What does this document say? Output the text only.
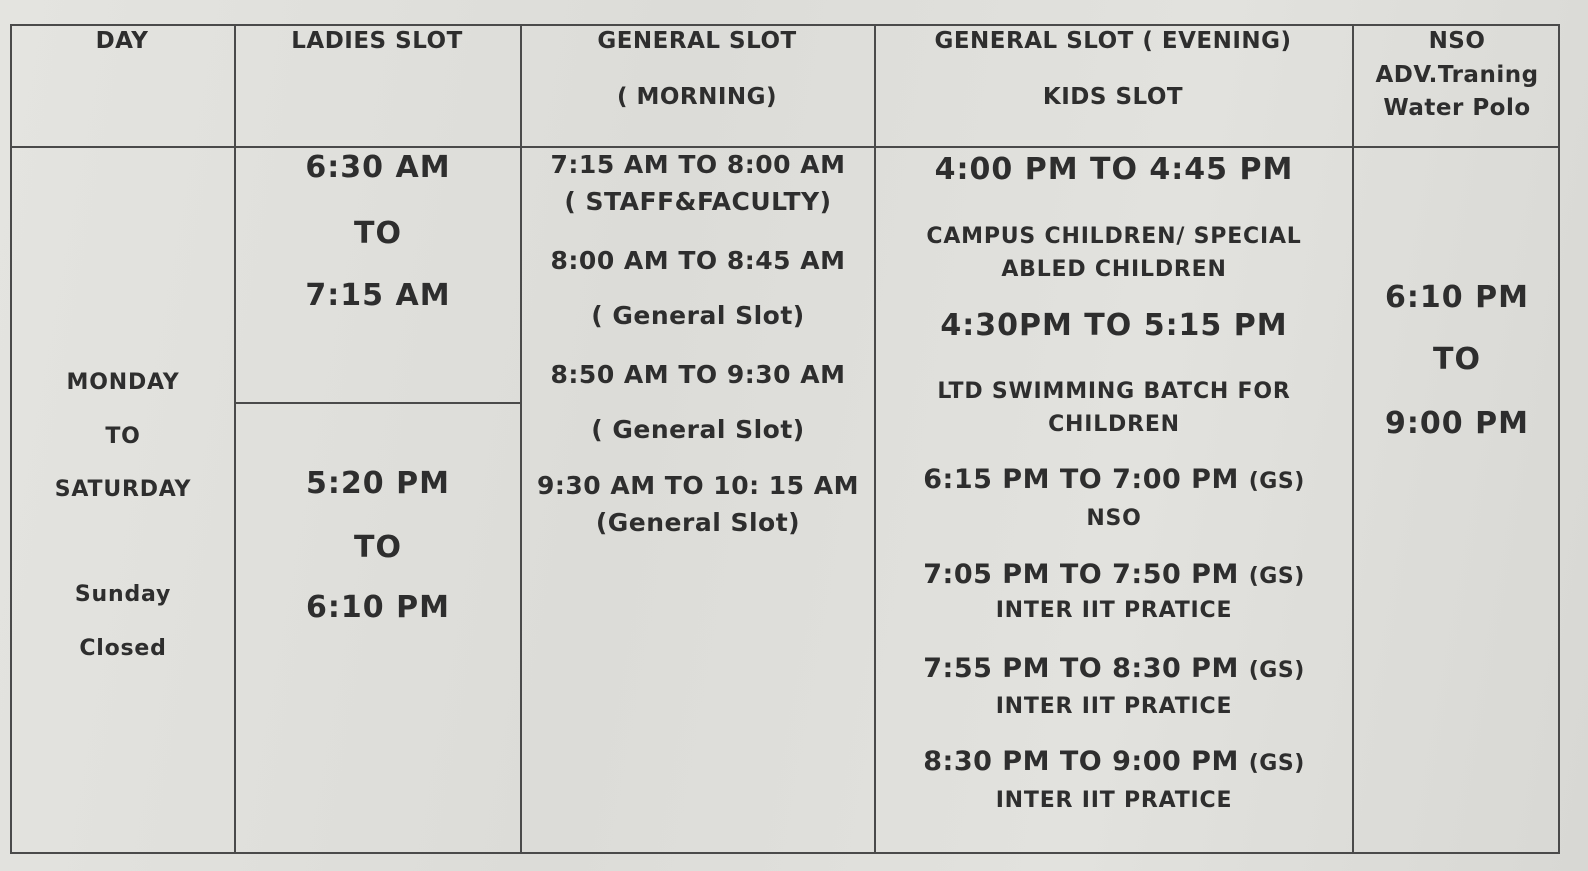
DAY	LADIES SLOT	GENERAL SLOT
( MORNING)
GENERAL SLOT ( EVENING)
KIDS SLOT
NSO
ADV.Traning
Water Polo
MONDAY
TO
SATURDAY
Sunday
Closed
6:30 AM
TO
7:15 AM
5:20 PM
TO
6:10 PM
7:15 AM TO 8:00 AM
( STAFF&FACULTY)
8:00 AM TO 8:45 AM
( General Slot)
8:50 AM TO 9:30 AM
( General Slot)
9:30 AM TO 10: 15 AM
(General Slot)
4:00 PM TO 4:45 PM
CAMPUS CHILDREN/ SPECIAL
ABLED CHILDREN
4:30PM TO 5:15 PM
LTD SWIMMING BATCH FOR
CHILDREN
6:15 PM TO 7:00 PM (GS)
NSO
7:05 PM TO 7:50 PM (GS)
INTER IIT PRATICE
7:55 PM TO 8:30 PM (GS)
INTER IIT PRATICE
8:30 PM TO 9:00 PM (GS)
INTER IIT PRATICE
6:10 PM
TO
9:00 PM
